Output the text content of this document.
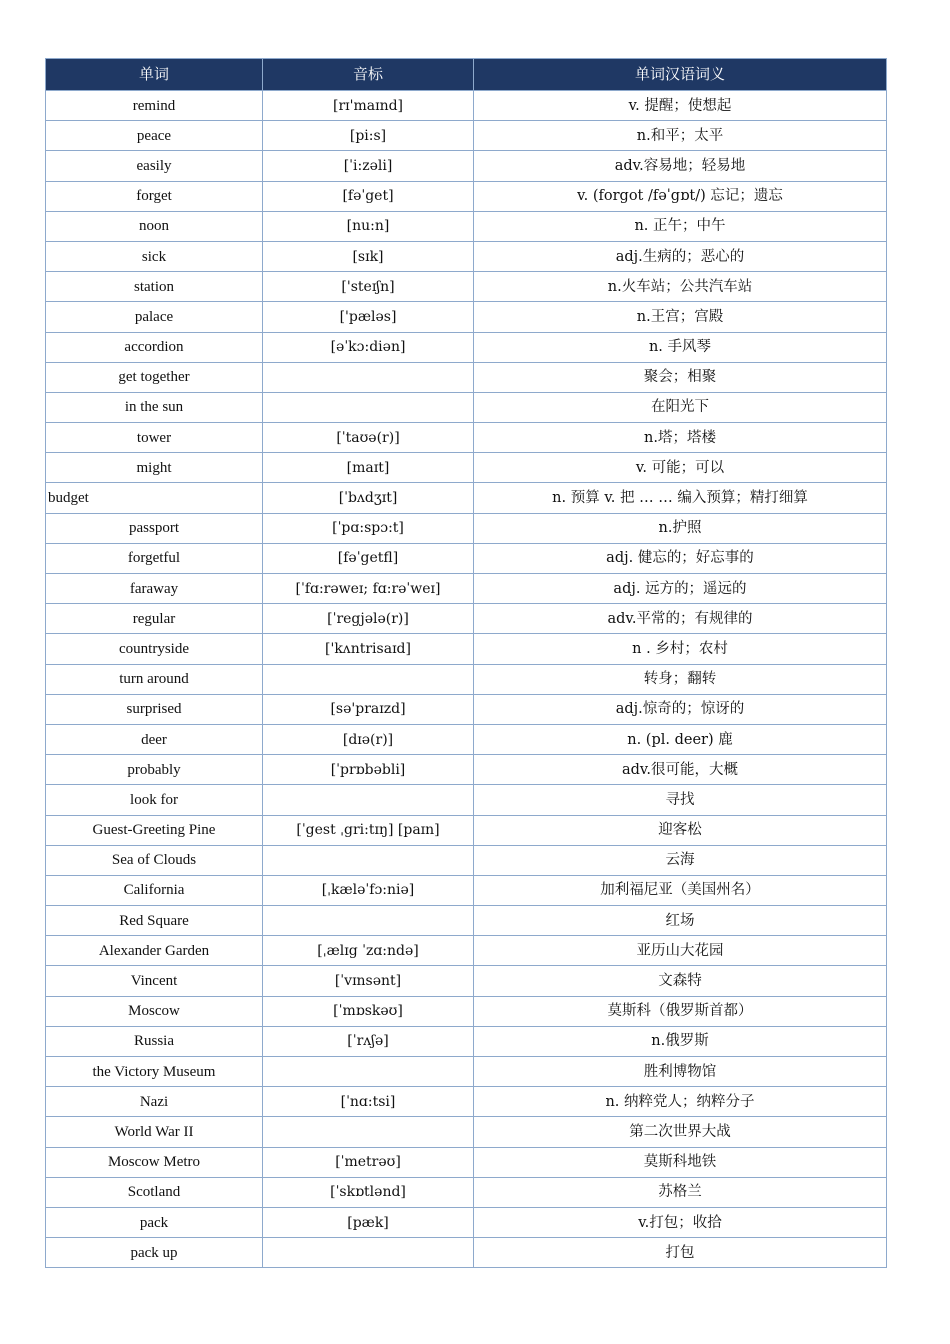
单词	音标	单词汉语词义
remind	[rɪ'maɪnd]	v. 提醒；使想起
peace	[pi:s]	n.和平；太平
easily	[ˈi:zəli]	adv.容易地；轻易地
forget	[fəˈget]	v. (forgot /fəˈgɒt/) 忘记；遗忘
noon	[nu:n]	n. 正午；中午
sick	[sɪk]	adj.生病的；恶心的
station	['steɪʃn]	n.火车站；公共汽车站
palace	['pæləs]	n.王宫；宫殿
accordion	[əˈkɔ:diən]	n. 手风琴
get together		聚会；相聚
in the sun		在阳光下
tower	[ˈtaʊə(r)]	n.塔；塔楼
might	[maɪt]	v. 可能；可以
budget	[ˈbʌdʒɪt]	n. 预算 v. 把 … … 编入预算；精打细算
passport	[ˈpɑ:spɔ:t]	n.护照
forgetful	[fəˈgetfl]	adj. 健忘的；好忘事的
faraway	[ˈfɑ:rəweɪ; fɑ:rəˈweɪ]	adj. 远方的；遥远的
regular	[ˈregjələ(r)]	adv.平常的；有规律的
countryside	['kʌntrisaɪd]	n . 乡村；农村
turn around		转身；翻转
surprised	[sə'praɪzd]	adj.惊奇的；惊讶的
deer	[dɪə(r)]	n. (pl. deer) 鹿
probably	[ˈprɒbəbli]	adv.很可能，大概
look for		寻找
Guest-Greeting Pine	[ˈgest ˌgri:tɪŋ] [paɪn]	迎客松
Sea of Clouds		云海
California	[ˌkæləˈfɔ:niə]	加利福尼亚（美国州名）
Red Square		红场
Alexander Garden	[ˌælɪg ˈzɑ:ndə]	亚历山大花园
Vincent	[ˈvɪnsənt]	文森特
Moscow	[ˈmɒskəʊ]	莫斯科（俄罗斯首都）
Russia	[ˈrʌʃə]	n.俄罗斯
the Victory Museum		胜利博物馆
Nazi	[ˈnɑ:tsi]	n. 纳粹党人；纳粹分子
World War II		第二次世界大战
Moscow Metro	[ˈmetrəʊ]	莫斯科地铁
Scotland	[ˈskɒtlənd]	苏格兰
pack	[pæk]	v.打包；收拾
pack up		打包
